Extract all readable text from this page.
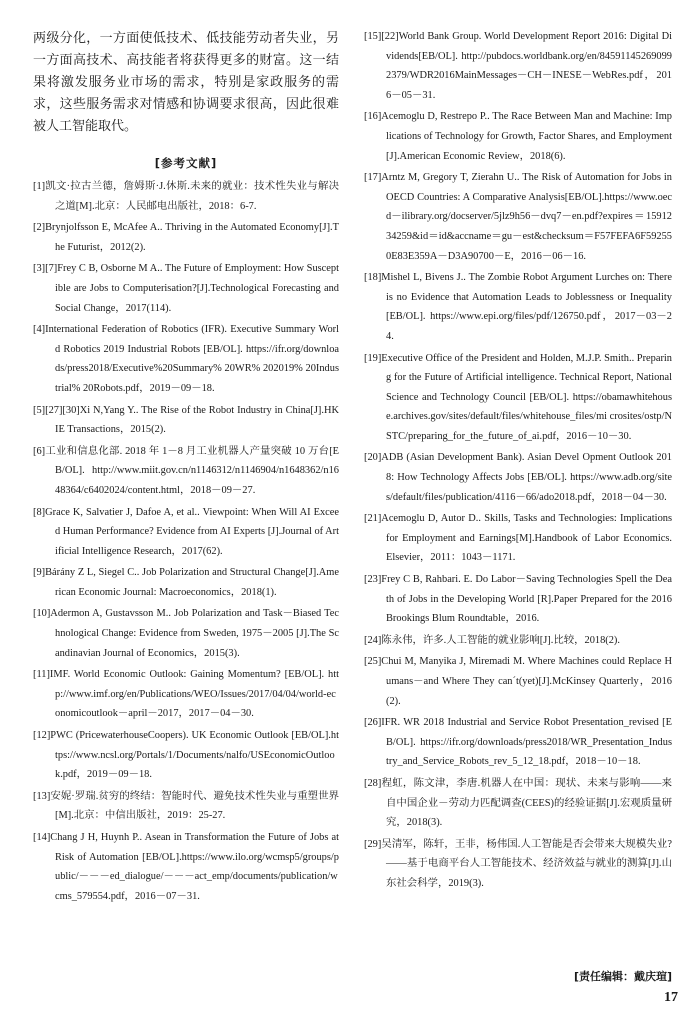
两级分化，一方面使低技术、低技能劳动者失业，另一方面高技术、高技能者将获得更多的财富。这一结果将激发服务业市场的需求，特别是家政服务的需求，这些服务需求对情感和协调要求很高，因此很难被人工智能取代。
[参考文献]
[1]凯文·拉古兰德，詹姆斯·J.休斯.未来的就业：技术性失业与解决之道[M].北京：人民邮电出版社，2018：6-7.
[2]Brynjolfsson E, McAfee A.. Thriving in the Automated Economy[J].The Futurist，2012(2).
[3][7]Frey C B, Osborne M A.. The Future of Employment: How Susceptible are Jobs to Computerisation?[J].Technological Forecasting and Social Change，2017(114).
[4]International Federation of Robotics (IFR). Executive Summary World Robotics 2019 Industrial Robots [EB/OL]. https://ifr.org/downloads/press2018/Executive%20Summary% 20WR% 202019% 20Industrial% 20Robots.pdf，2019－09－18.
[5][27][30]Xi N,Yang Y.. The Rise of the Robot Industry in China[J].HKIE Transactions，2015(2).
[6]工业和信息化部. 2018 年 1－8 月工业机器人产量突破 10 万台[EB/OL]. http://www.miit.gov.cn/n1146312/n1146904/n1648362/n1648364/c6402024/content.html，2018－09－27.
[8]Grace K, Salvatier J, Dafoe A, et al.. Viewpoint: When Will AI Exceed Human Performance? Evidence from AI Experts [J].Journal of Artificial Intelligence Research，2017(62).
[9]Bárány Z L, Siegel C.. Job Polarization and Structural Change[J].American Economic Journal: Macroeconomics，2018(1).
[10]Adermon A, Gustavsson M.. Job Polarization and Task－Biased Technological Change: Evidence from Sweden, 1975－2005 [J].The Scandinavian Journal of Economics，2015(3).
[11]IMF. World Economic Outlook: Gaining Momentum? [EB/OL]. http://www.imf.org/en/Publications/WEO/Issues/2017/04/04/world-economicoutlook－april－2017，2017－04－30.
[12]PWC (PricewaterhouseCoopers). UK Economic Outlook [EB/OL].https://www.ncsl.org/Portals/1/Documents/nalfo/USEconomicOutlook.pdf，2019－09－18.
[13]安妮·罗瑞.贫穷的终结：智能时代、避免技术性失业与重塑世界[M].北京：中信出版社，2019：25-27.
[14]Chang J H, Huynh P.. Asean in Transformation the Future of Jobs at Risk of Automation [EB/OL].https://www.ilo.org/wcmsp5/groups/public/－－－ed_dialogue/－－－act_emp/documents/publication/wcms_579554.pdf，2016－07－31.
[15][22]World Bank Group. World Development Report 2016: Digital Dividends[EB/OL]. http://pubdocs.worldbank.org/en/845911452690992379/WDR2016MainMessages－CH－INESE－WebRes.pdf，2016－05－31.
[16]Acemoglu D, Restrepo P.. The Race Between Man and Machine: Implications of Technology for Growth, Factor Shares, and Employment[J].American Economic Review，2018(6).
[17]Arntz M, Gregory T, Zierahn U.. The Risk of Automation for Jobs in OECD Countries: A Comparative Analysis[EB/OL].https://www.oecd－ilibrary.org/docserver/5jlz9h56－dvq7－en.pdf?expires＝1591234259&id＝id&accname＝gu－est&checksum＝F57FEFA6F592550E83E359A－D3A90700－E，2016－06－16.
[18]Mishel L, Bivens J.. The Zombie Robot Argument Lurches on: There is no Evidence that Automation Leads to Joblessness or Inequality [EB/OL]. https://www.epi.org/files/pdf/126750.pdf，2017－03－24.
[19]Executive Office of the President and Holden, M.J.P. Smith.. Preparing for the Future of Artificial intelligence. Technical Report, National Science and Technology Council [EB/OL]. https://obamawhitehouse.archives.gov/sites/default/files/whitehouse_files/mi crosites/ostp/NSTC/preparing_for_the_future_of_ai.pdf，2016－10－30.
[20]ADB (Asian Development Bank). Asian Devel Opment Outlook 2018: How Technology Affects Jobs [EB/OL]. https://www.adb.org/sites/default/files/publication/4116－66/ado2018.pdf，2018－04－30.
[21]Acemoglu D, Autor D.. Skills, Tasks and Technologies: Implications for Employment and Earnings[M].Handbook of Labor Economics. Elsevier，2011：1043－1171.
[23]Frey C B, Rahbari. E. Do Labor－Saving Technologies Spell the Death of Jobs in the Developing World [R].Paper Prepared for the 2016 Brookings Blum Roundtable，2016.
[24]陈永伟，许多.人工智能的就业影响[J].比较，2018(2).
[25]Chui M, Manyika J, Miremadi M. Where Machines could Replace Humans－and Where They can´t(yet)[J].McKinsey Quarterly，2016(2).
[26]IFR. WR 2018 Industrial and Service Robot Presentation_revised [EB/OL]. https://ifr.org/downloads/press2018/WR_Presentation_Industry_and_Service_Robots_rev_5_12_18.pdf，2018－10－18.
[28]程虹，陈文津，李唐.机器人在中国：现状、未来与影响——来自中国企业－劳动力匹配调查(CEES)的经验证据[J].宏观质量研究，2018(3).
[29]吴清军，陈轩，王非，杨伟国.人工智能是否会带来大规模失业?——基于电商平台人工智能技术、经济效益与就业的测算[J].山东社会科学，2019(3).
[责任编辑：戴庆瑄]
17
